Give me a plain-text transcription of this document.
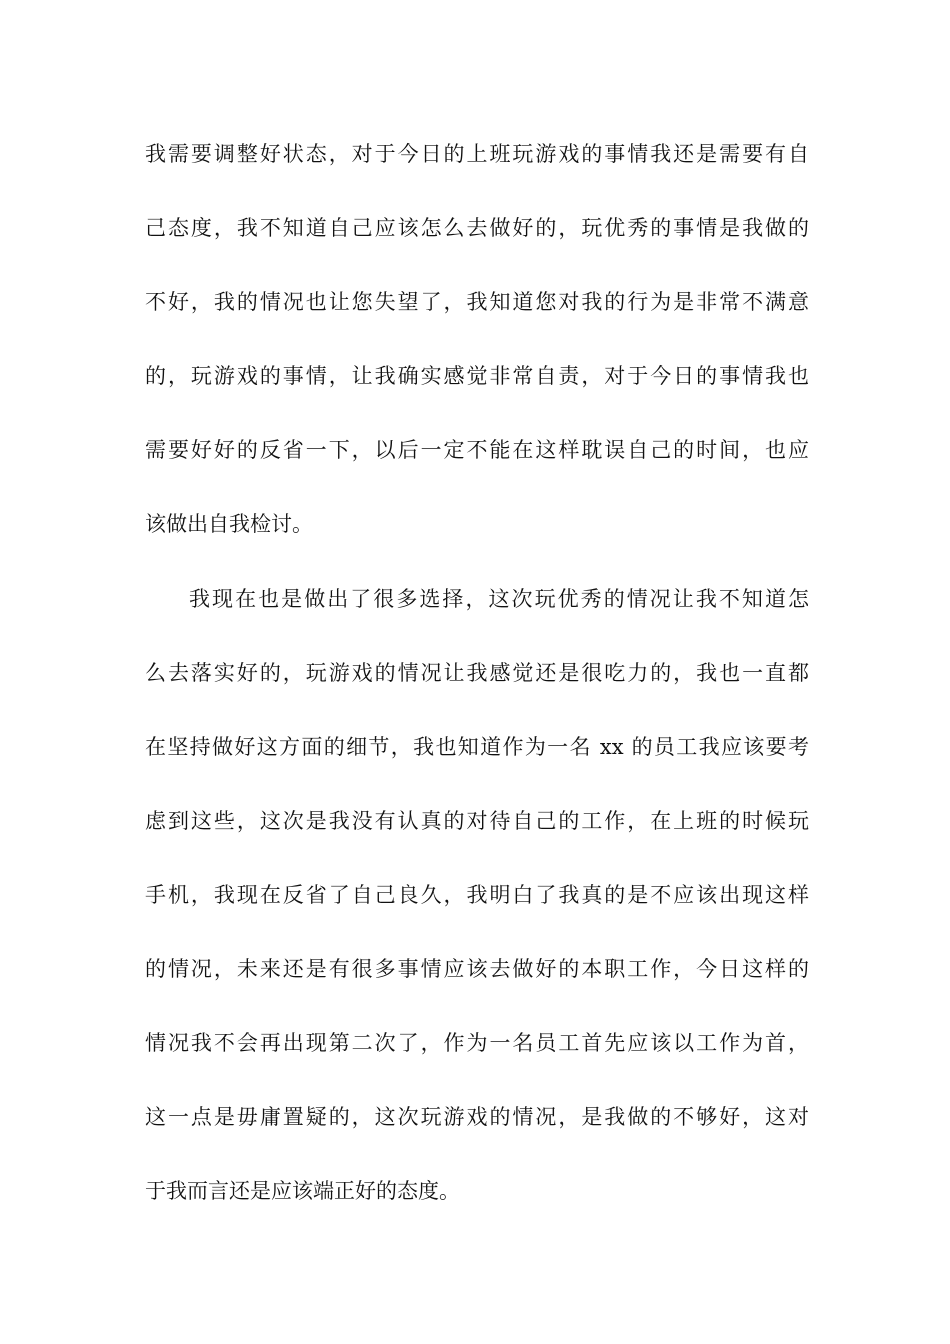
我需要调整好状态，对于今日的上班玩游戏的事情我还是需要有自
己态度，我不知道自己应该怎么去做好的，玩优秀的事情是我做的
不好，我的情况也让您失望了，我知道您对我的行为是非常不满意
的，玩游戏的事情，让我确实感觉非常自责，对于今日的事情我也
需要好好的反省一下，以后一定不能在这样耽误自己的时间，也应
该做出自我检讨。
我现在也是做出了很多选择，这次玩优秀的情况让我不知道怎
么去落实好的，玩游戏的情况让我感觉还是很吃力的，我也一直都
在坚持做好这方面的细节，我也知道作为一名 xx 的员工我应该要考
虑到这些，这次是我没有认真的对待自己的工作，在上班的时候玩
手机，我现在反省了自己良久，我明白了我真的是不应该出现这样
的情况，未来还是有很多事情应该去做好的本职工作，今日这样的
情况我不会再出现第二次了，作为一名员工首先应该以工作为首，
这一点是毋庸置疑的，这次玩游戏的情况，是我做的不够好，这对
于我而言还是应该端正好的态度。
